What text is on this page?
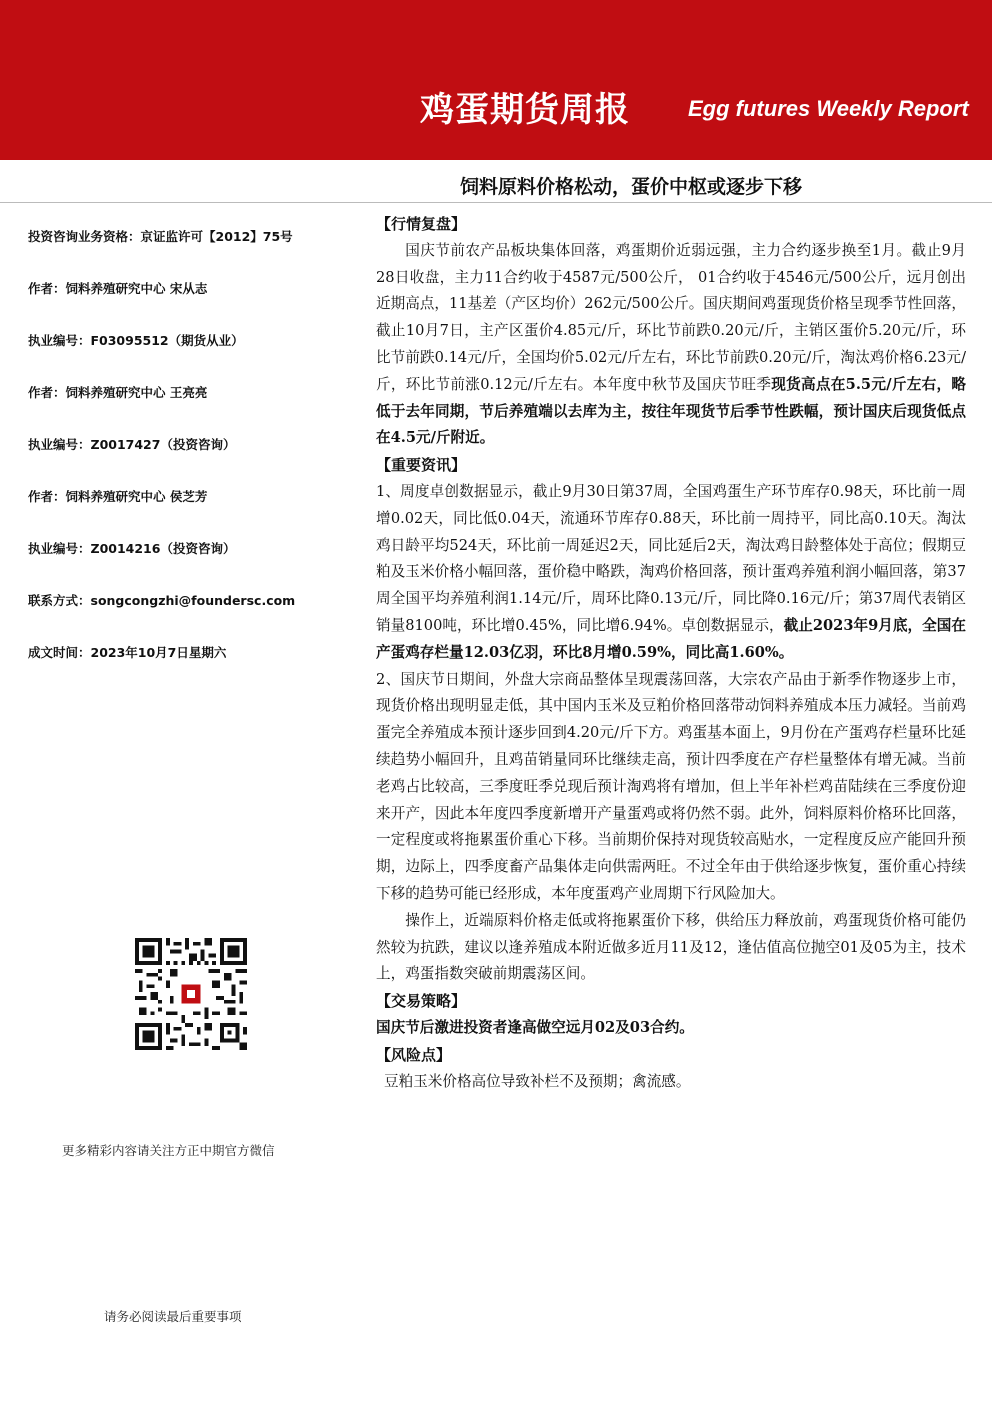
鸡蛋期货周报	Egg futures Weekly Report
饲料原料价格松动，蛋价中枢或逐步下移
投资咨询业务资格：京证监许可【2012】75号
作者：饲料养殖研究中心 宋从志
执业编号：F03095512（期货从业）
作者：饲料养殖研究中心 王亮亮
执业编号：Z0017427（投资咨询）
作者：饲料养殖研究中心 侯芝芳
执业编号：Z0014216（投资咨询）
联系方式：songcongzhi@foundersc.com
成文时间：2023年10月7日星期六
更多精彩内容请关注方正中期官方微信
请务必阅读最后重要事项

【行情复盘】

国庆节前农产品板块集体回落，鸡蛋期价近弱远强，主力合约逐步换至1月。截止9月28日收盘，主力11合约收于4587元/500公斤， 01合约收于4546元/500公斤，远月创出近期高点，11基差（产区均价）262元/500公斤。国庆期间鸡蛋现货价格呈现季节性回落，截止10月7日，主产区蛋价4.85元/斤，环比节前跌0.20元/斤，主销区蛋价5.20元/斤，环比节前跌0.14元/斤，全国均价5.02元/斤左右，环比节前跌0.20元/斤，淘汰鸡价格6.23元/斤，环比节前涨0.12元/斤左右。本年度中秋节及国庆节旺季现货高点在5.5元/斤左右，略低于去年同期，节后养殖端以去库为主，按往年现货节后季节性跌幅，预计国庆后现货低点在4.5元/斤附近。

【重要资讯】

1、周度卓创数据显示，截止9月30日第37周，全国鸡蛋生产环节库存0.98天，环比前一周增0.02天，同比低0.04天，流通环节库存0.88天，环比前一周持平，同比高0.10天。淘汰鸡日龄平均524天，环比前一周延迟2天，同比延后2天，淘汰鸡日龄整体处于高位；假期豆粕及玉米价格小幅回落，蛋价稳中略跌，淘鸡价格回落，预计蛋鸡养殖利润小幅回落，第37周全国平均养殖利润1.14元/斤，周环比降0.13元/斤，同比降0.16元/斤；第37周代表销区销量8100吨，环比增0.45%，同比增6.94%。卓创数据显示，截止2023年9月底，全国在产蛋鸡存栏量12.03亿羽，环比8月增0.59%，同比高1.60%。

2、国庆节日期间，外盘大宗商品整体呈现震荡回落，大宗农产品由于新季作物逐步上市，现货价格出现明显走低，其中国内玉米及豆粕价格回落带动饲料养殖成本压力减轻。当前鸡蛋完全养殖成本预计逐步回到4.20元/斤下方。鸡蛋基本面上，9月份在产蛋鸡存栏量环比延续趋势小幅回升，且鸡苗销量同环比继续走高，预计四季度在产存栏量整体有增无减。当前老鸡占比较高，三季度旺季兑现后预计淘鸡将有增加，但上半年补栏鸡苗陆续在三季度份迎来开产，因此本年度四季度新增开产量蛋鸡或将仍然不弱。此外，饲料原料价格环比回落，一定程度或将拖累蛋价重心下移。当前期价保持对现货较高贴水，一定程度反应产能回升预期，边际上，四季度畜产品集体走向供需两旺。不过全年由于供给逐步恢复，蛋价重心持续下移的趋势可能已经形成，本年度蛋鸡产业周期下行风险加大。

操作上，近端原料价格走低或将拖累蛋价下移，供给压力释放前，鸡蛋现货价格可能仍然较为抗跌，建议以逢养殖成本附近做多近月11及12，逢估值高位抛空01及05为主，技术上，鸡蛋指数突破前期震荡区间。

【交易策略】

国庆节后激进投资者逢高做空远月02及03合约。

【风险点】

豆粕玉米价格高位导致补栏不及预期；禽流感。
